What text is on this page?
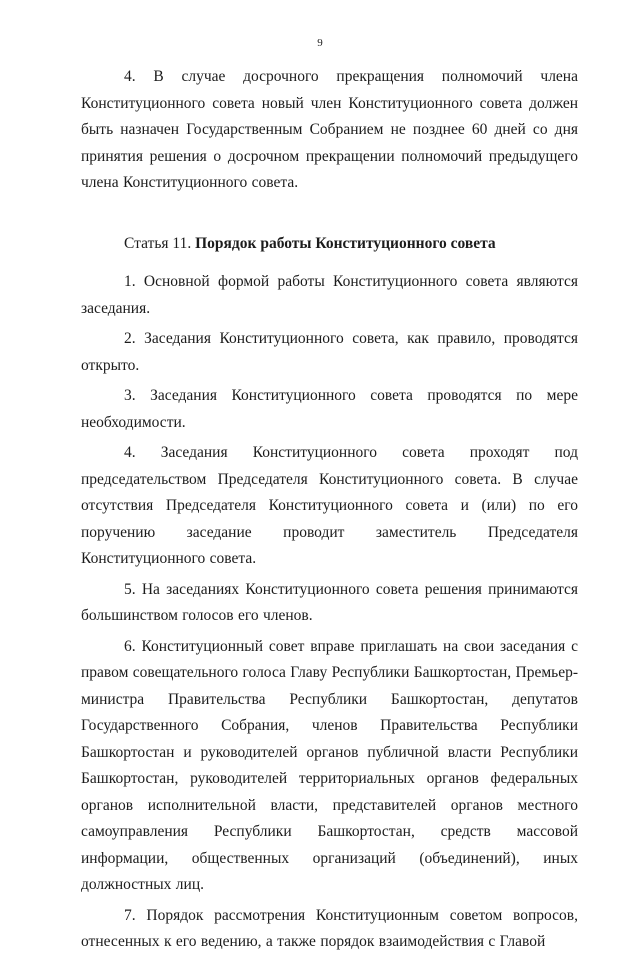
9

4. В случае досрочного прекращения полномочий члена Конституционного совета новый член Конституционного совета должен быть назначен Государственным Собранием не позднее 60 дней со дня принятия решения о досрочном прекращении полномочий предыдущего члена Конституционного совета.

Статья 11. Порядок работы Конституционного совета

1. Основной формой работы Конституционного совета являются заседания.

2. Заседания Конституционного совета, как правило, проводятся открыто.

3. Заседания Конституционного совета проводятся по мере необходимости.

4. Заседания Конституционного совета проходят под председательством Председателя Конституционного совета. В случае отсутствия Председателя Конституционного совета и (или) по его поручению заседание проводит заместитель Председателя Конституционного совета.

5. На заседаниях Конституционного совета решения принимаются большинством голосов его членов.

6. Конституционный совет вправе приглашать на свои заседания с правом совещательного голоса Главу Республики Башкортостан, Премьер-министра Правительства Республики Башкортостан, депутатов Государственного Собрания, членов Правительства Республики Башкортостан и руководителей органов публичной власти Республики Башкортостан, руководителей территориальных органов федеральных органов исполнительной власти, представителей органов местного самоуправления Республики Башкортостан, средств массовой информации, общественных организаций (объединений), иных должностных лиц.

7. Порядок рассмотрения Конституционным советом вопросов, отнесенных к его ведению, а также порядок взаимодействия с Главой
